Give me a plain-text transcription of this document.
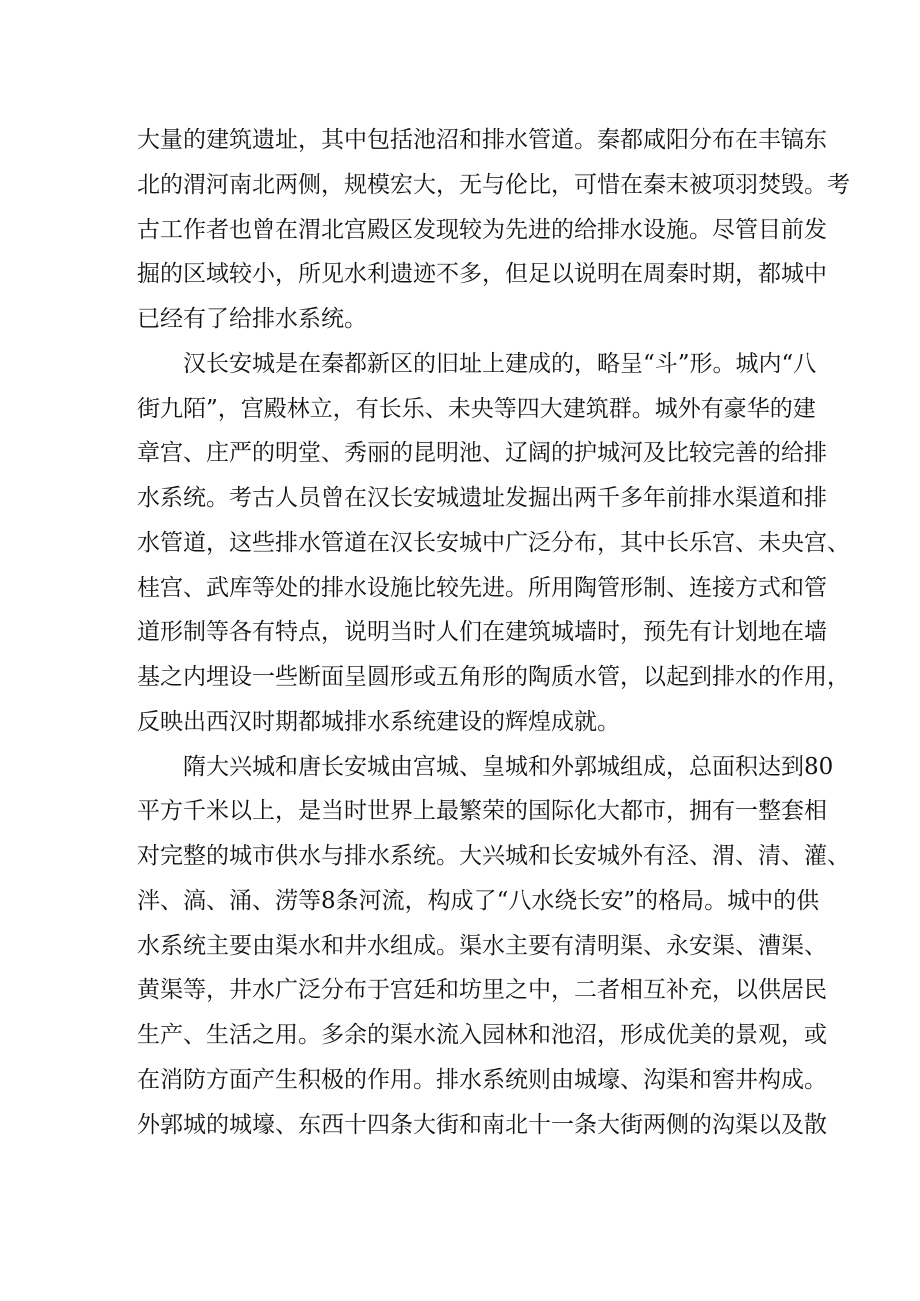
大量的建筑遗址，其中包括池沼和排水管道。秦都咸阳分布在丰镐东
北的渭河南北两侧，规模宏大，无与伦比，可惜在秦末被项羽焚毁。考
古工作者也曾在渭北宫殿区发现较为先进的给排水设施。尽管目前发
掘的区域较小，所见水利遗迹不多，但足以说明在周秦时期，都城中
已经有了给排水系统。
　　汉长安城是在秦都新区的旧址上建成的，略呈“斗”形。城内“八
街九陌”，宫殿林立，有长乐、未央等四大建筑群。城外有豪华的建
章宫、庄严的明堂、秀丽的昆明池、辽阔的护城河及比较完善的给排
水系统。考古人员曾在汉长安城遗址发掘出两千多年前排水渠道和排
水管道，这些排水管道在汉长安城中广泛分布，其中长乐宫、未央宫、
桂宫、武库等处的排水设施比较先进。所用陶管形制、连接方式和管
道形制等各有特点，说明当时人们在建筑城墙时，预先有计划地在墙
基之内埋设一些断面呈圆形或五角形的陶质水管，以起到排水的作用，
反映出西汉时期都城排水系统建设的辉煌成就。
　　隋大兴城和唐长安城由宫城、皇城和外郭城组成，总面积达到80
平方千米以上，是当时世界上最繁荣的国际化大都市，拥有一整套相
对完整的城市供水与排水系统。大兴城和长安城外有泾、渭、清、灌、
泮、滈、涌、涝等8条河流，构成了“八水绕长安”的格局。城中的供
水系统主要由渠水和井水组成。渠水主要有清明渠、永安渠、漕渠、
黄渠等，井水广泛分布于宫廷和坊里之中，二者相互补充，以供居民
生产、生活之用。多余的渠水流入园林和池沼，形成优美的景观，或
在消防方面产生积极的作用。排水系统则由城壕、沟渠和窖井构成。
外郭城的城壕、东西十四条大街和南北十一条大街两侧的沟渠以及散
